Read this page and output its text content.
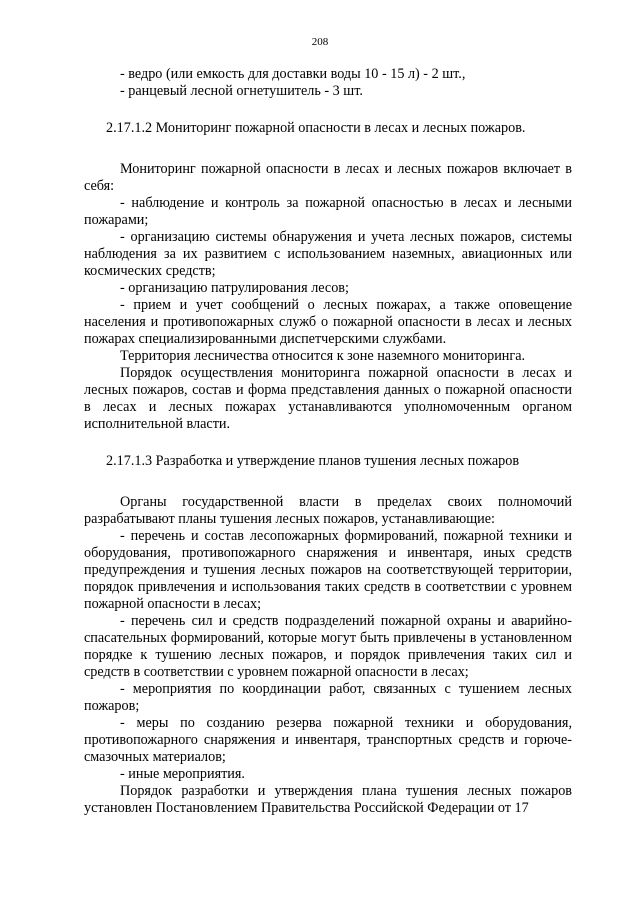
208

- ведро (или емкость для доставки воды 10 - 15 л) - 2 шт.,

- ранцевый лесной огнетушитель - 3 шт.

2.17.1.2 Мониторинг пожарной опасности в лесах и лесных пожаров.

Мониторинг пожарной опасности в лесах и лесных пожаров включает в себя:

- наблюдение и контроль за пожарной опасностью в лесах и лесными пожарами;

- организацию системы обнаружения и учета лесных пожаров, системы наблюдения за их развитием с использованием наземных, авиационных или космических средств;

- организацию патрулирования лесов;

- прием и учет сообщений о лесных пожарах, а также оповещение населения и противопожарных служб о пожарной опасности в лесах и лесных пожарах специализированными диспетчерскими службами.

Территория лесничества относится к зоне наземного мониторинга.

Порядок осуществления мониторинга пожарной опасности в лесах и лесных пожаров, состав и форма представления данных о пожарной опасности в лесах и лесных пожарах устанавливаются уполномоченным органом исполнительной власти.

2.17.1.3 Разработка и утверждение планов тушения лесных пожаров

Органы государственной власти в пределах своих полномочий разрабатывают планы тушения лесных пожаров, устанавливающие:

- перечень и состав лесопожарных формирований, пожарной техники и оборудования, противопожарного снаряжения и инвентаря, иных средств предупреждения и тушения лесных пожаров на соответствующей территории, порядок привлечения и использования таких средств в соответствии с уровнем пожарной опасности в лесах;

- перечень сил и средств подразделений пожарной охраны и аварийно-спасательных формирований, которые могут быть привлечены в установленном порядке к тушению лесных пожаров, и порядок привлечения таких сил и средств в соответствии с уровнем пожарной опасности в лесах;

- мероприятия по координации работ, связанных с тушением лесных пожаров;

- меры по созданию резерва пожарной техники и оборудования, противопожарного снаряжения и инвентаря, транспортных средств и горюче-смазочных материалов;

- иные мероприятия.

Порядок разработки и утверждения плана тушения лесных пожаров установлен Постановлением Правительства Российской Федерации от 17
